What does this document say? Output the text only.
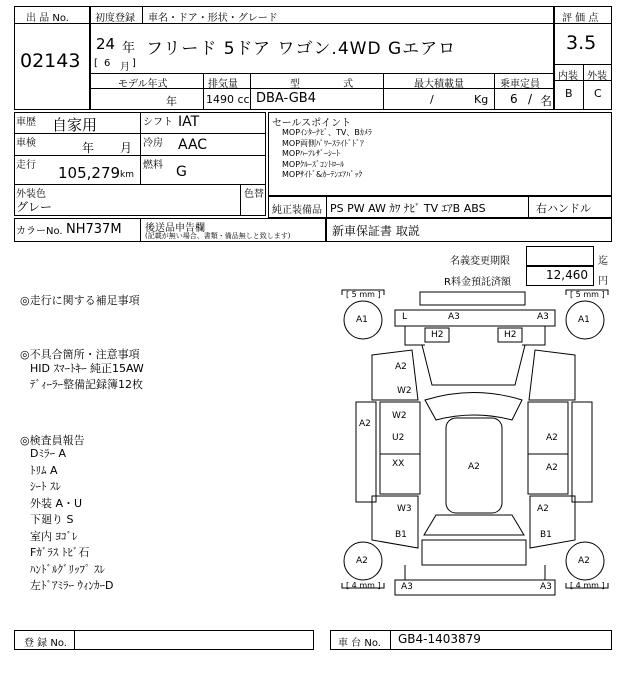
出 品 No.
02143
初度登録 車名・ドア・形状・グレード
24 年
[ 6 月 ]
フリード 5ドア ワゴン.4WD Gエアロ
モデル年式	排気量	型 式	最大積載量	乗車定員
年	1490 cc DBA-GB4	/	Kg 6 / 名
評 価 点
3.5
内装 外装
B C
車歴 自家用	シフト IAT
車検	年 月 冷房 AAC
走行 105,279 km
燃料 G
外装色
グレー
色替
カラーNo. NH737M 後送品申告欄
(記載が無い場合、書類・備品無しと致します)
セールスポイント
MOPｲﾝﾀｰﾅﾋﾞ、TV、Bｶﾒﾗ
MOP両側ﾊﾟﾜｰｽﾗｲﾄﾞﾄﾞｱ
MOPﾊｰﾌﾚｻﾞｰｼｰﾄ
MOPｸﾙｰｽﾞｺﾝﾄﾛｰﾙ
MOPｻｲﾄﾞ&ｶｰﾃﾝｴｱﾊﾞｯｸ
純正装備品 PS PW AW ｶﾜ ﾅﾋﾞ TV ｴｱB ABS	右ハンドル
新車保証書 取説
名義変更期限	迄
R料金預託済額
12,460 円
◎走行に関する補足事項
◎不具合箇所・注意事項
HID ｽﾏｰﾄｷｰ 純正15AW
ﾃﾞｨｰﾗｰ整備記録簿12枚
◎検査員報告
Dﾐﾗｰ A
ﾄﾘﾑ A
ｼｰﾄ ｽﾚ
外装 A・U
下廻り S
室内 ﾖｺﾞﾚ
Fｶﾞﾗｽ ﾄﾋﾞ石
ﾊﾝﾄﾞﾙｸﾞﾘｯﾌﾟ ｽﾚ
左ﾄﾞｱﾐﾗｰ ｳｨﾝｶｰD
[ 5 mm ]	[ 5 mm ]
[ 4 mm ]	[ 4 mm ]
A1	A1
A2	A2
L	A3	A3
H2	H2
A2
W2
A2
W2
U2
XX
W3
B1
A2
A2
A2
A2
B1
A3	A3
登 録 No.	車 台 No. GB4-1403879
